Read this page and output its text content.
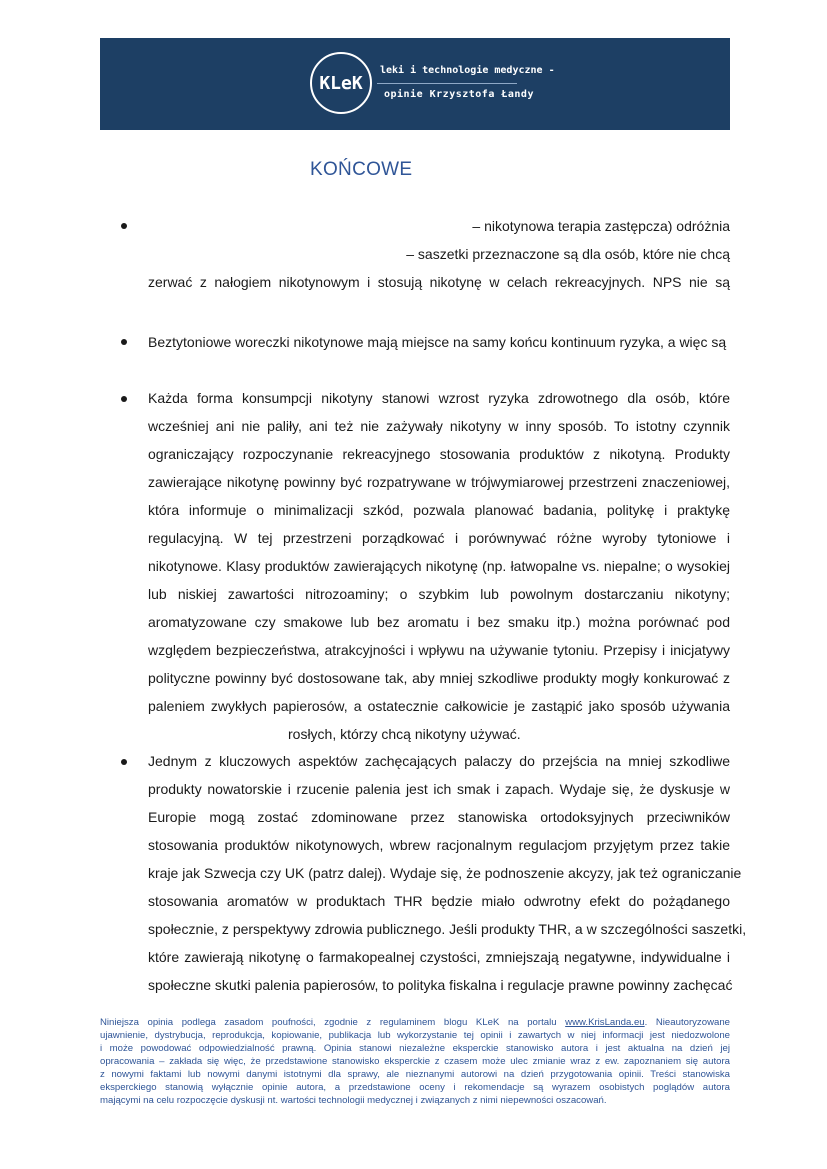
KLeK
leki i technologie medyczne -
opinie Krzysztofa Łandy
KOŃCOWE
– nikotynowa terapia zastępcza) odróżnia
– saszetki przeznaczone są dla osób, które nie chcą
zerwać z nałogiem nikotynowym i stosują nikotynę w celach rekreacyjnych. NPS nie są
Beztytoniowe woreczki nikotynowe mają miejsce na samy końcu kontinuum ryzyka, a więc są
Każda forma konsumpcji nikotyny stanowi wzrost ryzyka zdrowotnego dla osób, które
wcześniej ani nie paliły, ani też nie zażywały nikotyny w inny sposób. To istotny czynnik
ograniczający rozpoczynanie rekreacyjnego stosowania produktów z nikotyną. Produkty
zawierające nikotynę powinny być rozpatrywane w trójwymiarowej przestrzeni znaczeniowej,
która informuje o minimalizacji szkód, pozwala planować badania, politykę i praktykę
regulacyjną. W tej przestrzeni porządkować i porównywać różne wyroby tytoniowe i
nikotynowe. Klasy produktów zawierających nikotynę (np. łatwopalne vs. niepalne; o wysokiej
lub niskiej zawartości nitrozoaminy; o szybkim lub powolnym dostarczaniu nikotyny;
aromatyzowane czy smakowe lub bez aromatu i bez smaku itp.) można porównać pod
względem bezpieczeństwa, atrakcyjności i wpływu na używanie tytoniu. Przepisy i inicjatywy
polityczne powinny być dostosowane tak, aby mniej szkodliwe produkty mogły konkurować z
paleniem zwykłych papierosów, a ostatecznie całkowicie je zastąpić jako sposób używania
rosłych, którzy chcą nikotyny używać.
Jednym z kluczowych aspektów zachęcających palaczy do przejścia na mniej szkodliwe
produkty nowatorskie i rzucenie palenia jest ich smak i zapach. Wydaje się, że dyskusje w
Europie mogą zostać zdominowane przez stanowiska ortodoksyjnych przeciwników
stosowania produktów nikotynowych, wbrew racjonalnym regulacjom przyjętym przez takie
kraje jak Szwecja czy UK (patrz dalej). Wydaje się, że podnoszenie akcyzy, jak też ograniczanie
stosowania aromatów w produktach THR będzie miało odwrotny efekt do pożądanego
społecznie, z perspektywy zdrowia publicznego. Jeśli produkty THR, a w szczególności saszetki,
które zawierają nikotynę o farmakopealnej czystości, zmniejszają negatywne, indywidualne i
społeczne skutki palenia papierosów, to polityka fiskalna i regulacje prawne powinny zachęcać
Niniejsza opinia podlega zasadom poufności, zgodnie z regulaminem blogu KLeK na portalu www.KrisLanda.eu. Nieautoryzowane
ujawnienie, dystrybucja, reprodukcja, kopiowanie, publikacja lub wykorzystanie tej opinii i zawartych w niej informacji jest niedozwolone
i może powodować odpowiedzialność prawną. Opinia stanowi niezależne eksperckie stanowisko autora i jest aktualna na dzień jej
opracowania – zakłada się więc, że przedstawione stanowisko eksperckie z czasem może ulec zmianie wraz z ew. zapoznaniem się autora
z nowymi faktami lub nowymi danymi istotnymi dla sprawy, ale nieznanymi autorowi na dzień przygotowania opinii. Treści stanowiska
eksperckiego stanowią wyłącznie opinie autora, a przedstawione oceny i rekomendacje są wyrazem osobistych poglądów autora
mającymi na celu rozpoczęcie dyskusji nt. wartości technologii medycznej i związanych z nimi niepewności oszacowań.
